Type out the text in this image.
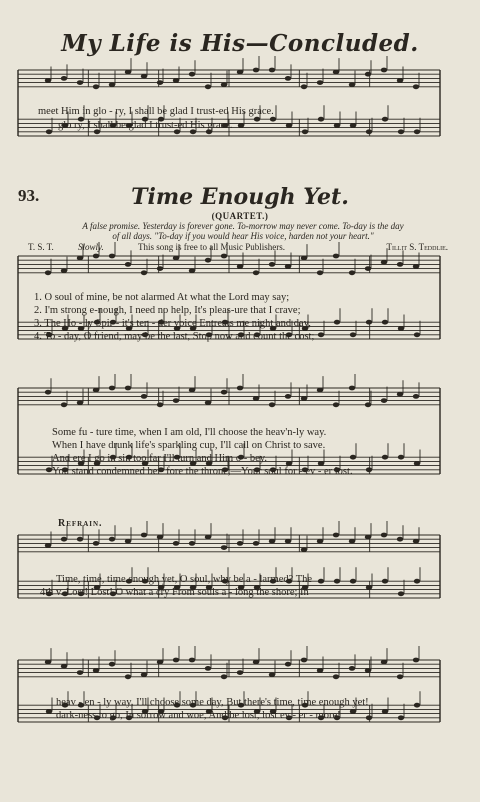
My Life is His—Concluded.
meet Him in glo - ry, I shall be glad I trust-ed His grace.
glo ry, I shall be glad I trust-ed His grace.
93.	Time Enough Yet.
(QUARTET.)
A false promise. Yesterday is forever gone. To-morrow may never come. To-day is the day
of all days. "To-day if you would hear His voice, harden not your heart."
T. S. T.	Slowly.	This song is free to all Music Publishers.	Tillit S. Teddlie.
1. O soul of mine, be not alarmed At what the Lord may say;
2. I'm strong e-nough, I need no help, It's pleas-ure that I crave;
3. The Ho - ly Spir - it's ten - der voice Entreats me night and day,
4. To - day, O friend, may be the last, Stop now and count the cost;
Some fu - ture time, when I am old, I'll choose the heav'n-ly way.
When I have drunk life's sparkling cup, I'll call on Christ to save.
And ere I go in sin too far I'll turn and Him o - bey.
You stand condemned be - fore the throne,—Your soul for - ev - er lost.
Refrain.
Time, time, time enough yet, O soul, why be a - larmed? The
4th v. Lost! Lost! O what a cry From souls a - long the shore; In
heav - en - ly way, I'll choose some day, But there's time, time enough yet!
dark-ness to go, In sorrow and woe, And be lost, lost ev - er - more!
